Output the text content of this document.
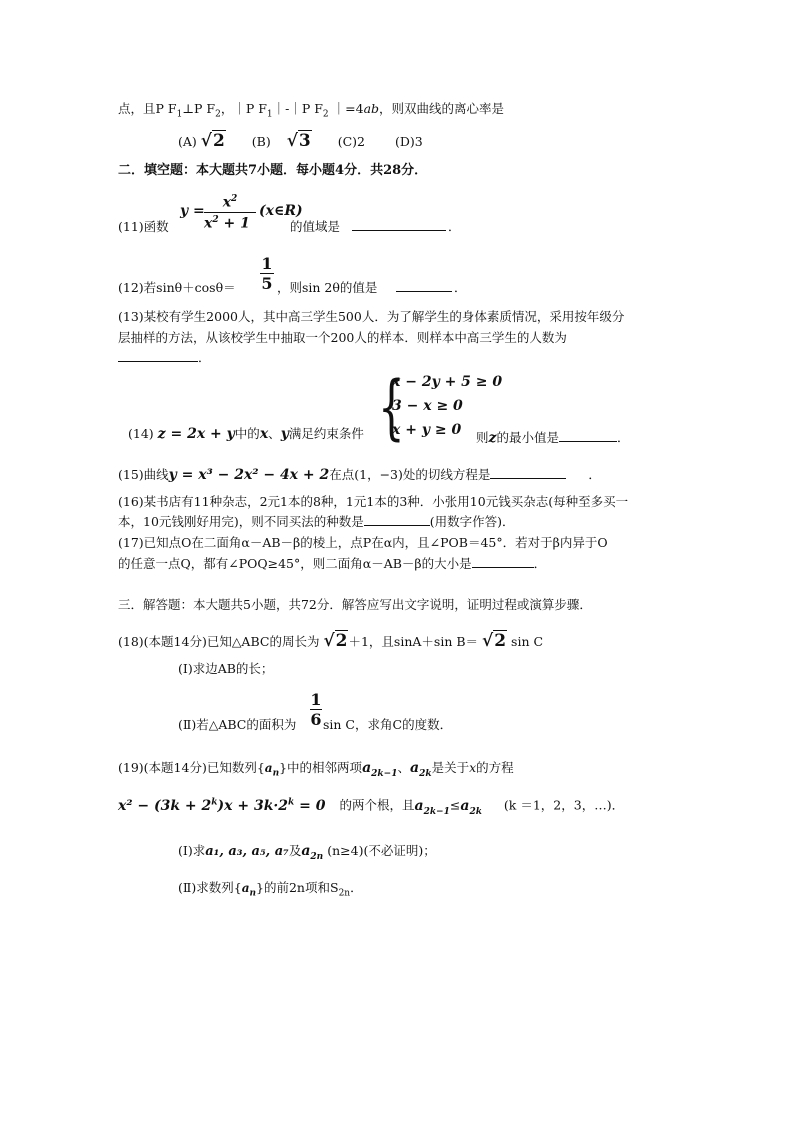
点，且P $F_1\perp P$ $F_2$，｜P $F_1|-|P$ $F_2$ ｜=4ab，则双曲线的离心率是
(A) √2 (B) √3 (C)2 (D)3
二．填空题：本大题共7小题．每小题4分．共28分．
(11)函数
y =
$x^2$
$x^2 + 1$
(x∈R)
的值域是	．
(12)若sinθ＋cosθ＝
1
5 ，则sin 2θ的值是	．
(13)某校有学生2000人，其中高三学生500人．为了解学生的身体素质情况，采用按年级分
层抽样的方法，从该校学生中抽取一个200人的样本．则样本中高三学生的人数为
．
(14) z = 2x + y中的x、y满足约束条件 {
x − 2y + 5 ≥ 0
3 − x ≥ 0
x + y ≥ 0 则z的最小值是	．
(15)曲线y = x³ − 2x² − 4x + 2在点(1，−3)处的切线方程是	．
(16)某书店有11种杂志，2元1本的8种，1元1本的3种．小张用10元钱买杂志(每种至多买一
本，10元钱刚好用完)，则不同买法的种数是	(用数字作答)．
(17)已知点O在二面角α－AB－β的棱上，点P在α内，且∠POB＝45°．若对于β内异于O
的任意一点Q，都有∠POQ≥45°，则二面角α－AB－β的大小是	．
三．解答题：本大题共5小题，共72分．解答应写出文字说明，证明过程或演算步骤．
(18)(本题14分)已知△ABC的周长为 √2＋1，且sinA＋sin B＝ √2 sin C
(I)求边AB的长；
(Ⅱ)若△ABC的面积为
1
6 sin C，求角C的度数．
(19)(本题14分)已知数列$\{a_n\}$中的相邻两项$a_{2k-1}$、$a_{2k}$是关于x的方程
$x^2 - (3k + 2^k)x + 3k\cdot 2^k = 0$ 的两个根，且$a_{2k-1}\le a_{2k}$ (k ＝1，2，3，…)．
(I)求a₁, a₃, a₅, a₇及$a_{2n}$ (n≥4)(不必证明)；
(Ⅱ)求数列$\{a_n\}$的前2n项和$S_{2n}$．
